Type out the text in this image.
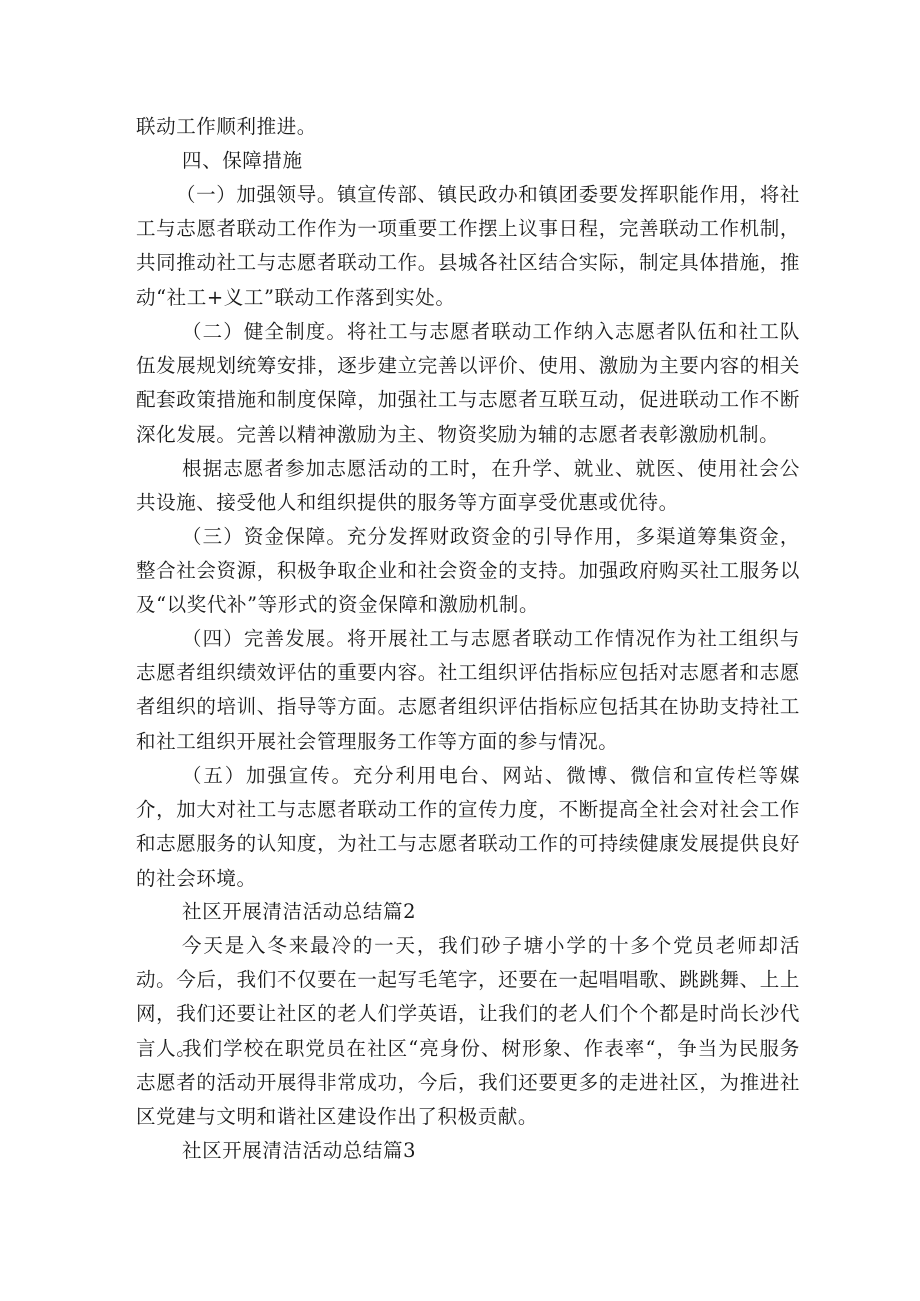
联动工作顺利推进。

四、保障措施

（一）加强领导。镇宣传部、镇民政办和镇团委要发挥职能作用，将社工与志愿者联动工作作为一项重要工作摆上议事日程，完善联动工作机制，共同推动社工与志愿者联动工作。县城各社区结合实际，制定具体措施，推动“社工+义工”联动工作落到实处。

（二）健全制度。将社工与志愿者联动工作纳入志愿者队伍和社工队伍发展规划统筹安排，逐步建立完善以评价、使用、激励为主要内容的相关配套政策措施和制度保障，加强社工与志愿者互联互动，促进联动工作不断深化发展。完善以精神激励为主、物资奖励为辅的志愿者表彰激励机制。

根据志愿者参加志愿活动的工时，在升学、就业、就医、使用社会公共设施、接受他人和组织提供的服务等方面享受优惠或优待。

（三）资金保障。充分发挥财政资金的引导作用，多渠道筹集资金，整合社会资源，积极争取企业和社会资金的支持。加强政府购买社工服务以及“以奖代补”等形式的资金保障和激励机制。

（四）完善发展。将开展社工与志愿者联动工作情况作为社工组织与志愿者组织绩效评估的重要内容。社工组织评估指标应包括对志愿者和志愿者组织的培训、指导等方面。志愿者组织评估指标应包括其在协助支持社工和社工组织开展社会管理服务工作等方面的参与情况。

（五）加强宣传。充分利用电台、网站、微博、微信和宣传栏等媒介，加大对社工与志愿者联动工作的宣传力度，不断提高全社会对社会工作和志愿服务的认知度，为社工与志愿者联动工作的可持续健康发展提供良好的社会环境。

社区开展清洁活动总结篇2

今天是入冬来最冷的一天，我们砂子塘小学的十多个党员老师却活动。今后，我们不仅要在一起写毛笔字，还要在一起唱唱歌、跳跳舞、上上网，我们还要让社区的老人们学英语，让我们的老人们个个都是时尚长沙代言人。

我们学校在职党员在社区“亮身份、树形象、作表率“，争当为民服务志愿者的活动开展得非常成功，今后，我们还要更多的走进社区，为推进社区党建与文明和谐社区建设作出了积极贡献。

社区开展清洁活动总结篇3
